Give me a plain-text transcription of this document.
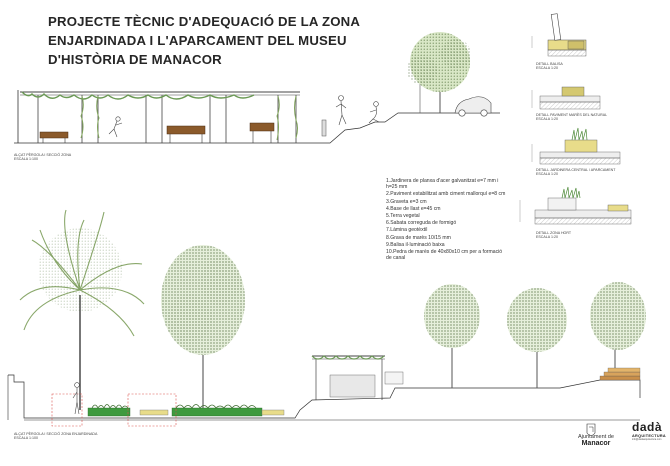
PROJECTE TÈCNIC D'ADEQUACIÓ DE LA ZONA
ENJARDINADA I L'APARCAMENT DEL MUSEU
D'HISTÒRIA DE MANACOR
ALÇAT PÈRGOLA I SECCIÓ ZONA
ESCALA 1:100
ALÇAT PÈRGOLA I SECCIÓ ZONA ENJARDINADA
ESCALA 1:100
DETALL BALISA
ESCALA 1:20
DETALL PAVIMENT MARÈS DEL NATURAL
ESCALA 1:20
DETALL JARDINERA CENTRAL / APARCAMENT
ESCALA 1:20
DETALL ZONA HORT
ESCALA 1:20
1.Jardinera de planxa d'acer galvanitzat e=7 mm i h=25 mm
2.Paviment estabilitzat amb ciment mallorquí e=8 cm
3.Graveta e=3 cm
4.Base de llast e=45 cm
5.Terra vegetal
6.Sabata correguda de formigó
7.Làmina geotèxtil
8.Grava de marès 10/15 mm
9.Balisa il·luminació baixa
10.Pedra de marès de 40x80x10 cm per a formació de canal
Ajuntament de
Manacor
dadà
ARQUITECTURA
info@dadaarquitectura.com
